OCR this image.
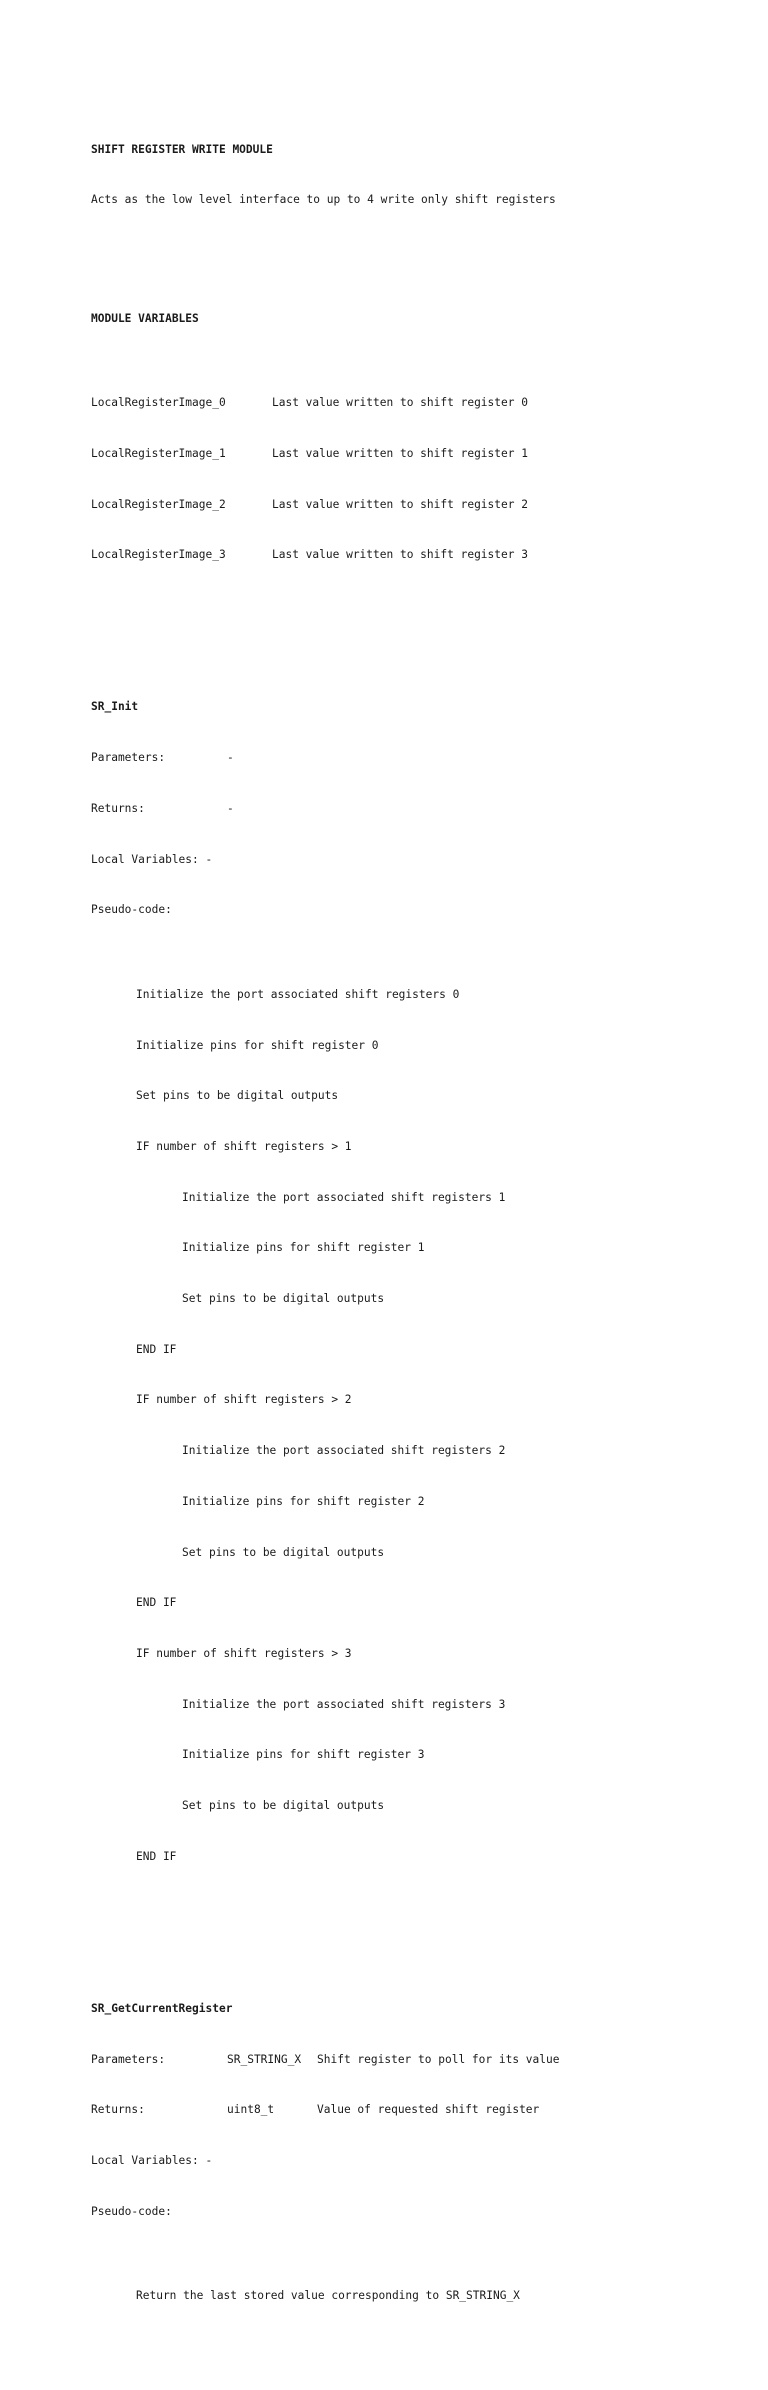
SHIFT REGISTER WRITE MODULE

Acts as the low level interface to up to 4 write only shift registers

MODULE VARIABLES

LocalRegisterImage_0	Last value written to shift register 0

LocalRegisterImage_1	Last value written to shift register 1

LocalRegisterImage_2	Last value written to shift register 2

LocalRegisterImage_3	Last value written to shift register 3

SR_Init

Parameters:	-

Returns:	-

Local Variables: -

Pseudo-code:

Initialize the port associated shift registers 0

Initialize pins for shift register 0

Set pins to be digital outputs

IF number of shift registers > 1

Initialize the port associated shift registers 1

Initialize pins for shift register 1

Set pins to be digital outputs

END IF

IF number of shift registers > 2

Initialize the port associated shift registers 2

Initialize pins for shift register 2

Set pins to be digital outputs

END IF

IF number of shift registers > 3

Initialize the port associated shift registers 3

Initialize pins for shift register 3

Set pins to be digital outputs

END IF

SR_GetCurrentRegister

Parameters:	SR_STRING_X Shift register to poll for its value

Returns:	uint8_t	Value of requested shift register

Local Variables: -

Pseudo-code:

Return the last stored value corresponding to SR_STRING_X
